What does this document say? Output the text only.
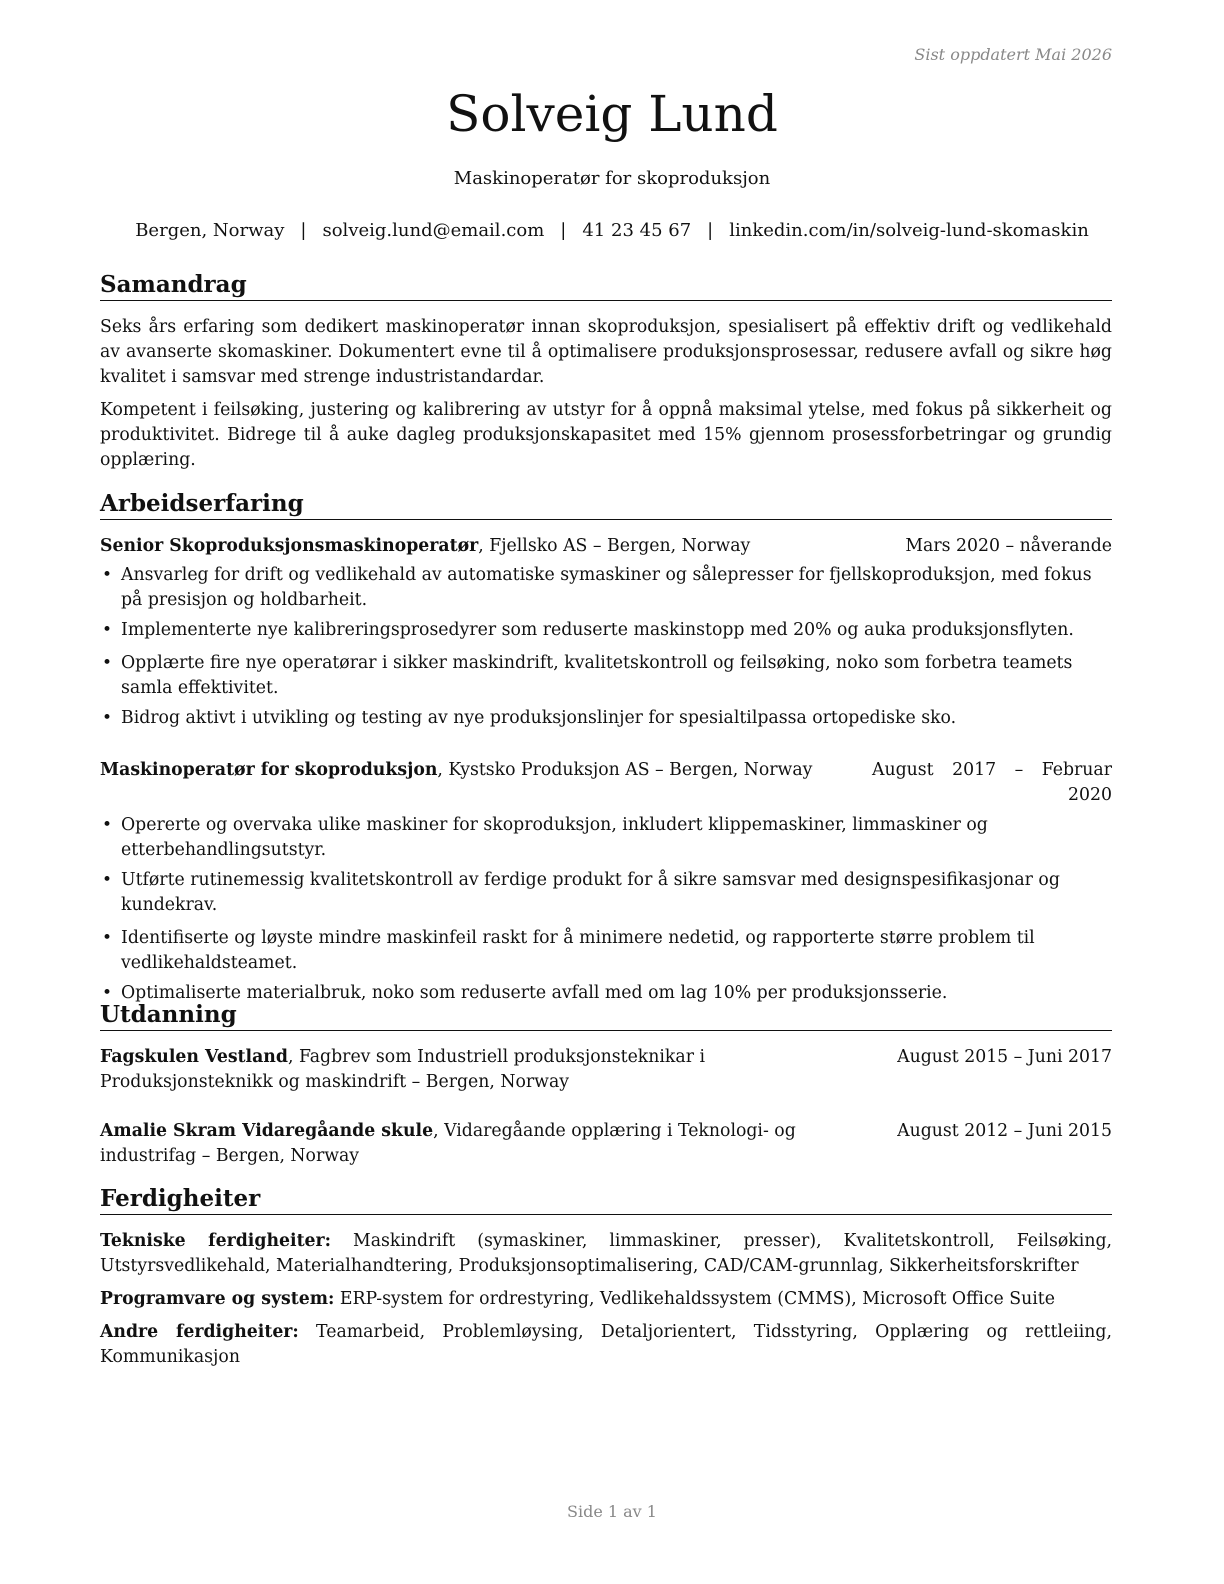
Sist oppdatert Mai 2026
Solveig Lund
Maskinoperatør for skoproduksjon
Bergen, Norway | solveig.lund@email.com | 41 23 45 67 | linkedin.com/in/solveig-lund-skomaskin
Samandrag

Seks års erfaring som dedikert maskinoperatør innan skoproduksjon, spesialisert på effektiv drift og vedlikehald av avanserte skomaskiner. Dokumentert evne til å optimalisere produksjonsprosessar, redusere avfall og sikre høg kvalitet i samsvar med strenge industristandardar.

Kompetent i feilsøking, justering og kalibrering av utstyr for å oppnå maksimal ytelse, med fokus på sikkerheit og produktivitet. Bidrege til å auke dagleg produksjonskapasitet med 15% gjennom prosessforbetringar og grundig opplæring.

Arbeidserfaring
Senior Skoproduksjonsmaskinoperatør, Fjellsko AS – Bergen, Norway	Mars 2020 – nåverande
• Ansvarleg for drift og vedlikehald av automatiske symaskiner og sålepresser for fjellskoproduksjon, med fokus på presisjon og holdbarheit.
• Implementerte nye kalibreringsprosedyrer som reduserte maskinstopp med 20% og auka produksjonsflyten.
• Opplærte fire nye operatørar i sikker maskindrift, kvalitetskontroll og feilsøking, noko som forbetra teamets samla effektivitet.
• Bidrog aktivt i utvikling og testing av nye produksjonslinjer for spesialtilpassa ortopediske sko.
Maskinoperatør for skoproduksjon, Kystsko Produksjon AS – Bergen, Norway	August 2017 – Februar 2020
• Opererte og overvaka ulike maskiner for skoproduksjon, inkludert klippemaskiner, limmaskiner og etterbehandlingsutstyr.
• Utførte rutinemessig kvalitetskontroll av ferdige produkt for å sikre samsvar med designspesifikasjonar og kundekrav.
• Identifiserte og løyste mindre maskinfeil raskt for å minimere nedetid, og rapporterte større problem til vedlikehaldsteamet.
• Optimaliserte materialbruk, noko som reduserte avfall med om lag 10% per produksjonsserie.
Utdanning
Fagskulen Vestland, Fagbrev som Industriell produksjonsteknikar i Produksjonsteknikk og maskindrift – Bergen, Norway
August 2015 – Juni 2017
Amalie Skram Vidaregåande skule, Vidaregåande opplæring i Teknologi- og industrifag – Bergen, Norway
August 2012 – Juni 2015
Ferdigheiter

Tekniske ferdigheiter: Maskindrift (symaskiner, limmaskiner, presser), Kvalitetskontroll, Feilsøking, Utstyrsvedlikehald, Materialhandtering, Produksjonsoptimalisering, CAD/CAM-grunnlag, Sikkerheitsforskrifter

Programvare og system: ERP-system for ordrestyring, Vedlikehaldssystem (CMMS), Microsoft Office Suite

Andre ferdigheiter: Teamarbeid, Problemløysing, Detaljorientert, Tidsstyring, Opplæring og rettleiing, Kommunikasjon

Side 1 av 1
